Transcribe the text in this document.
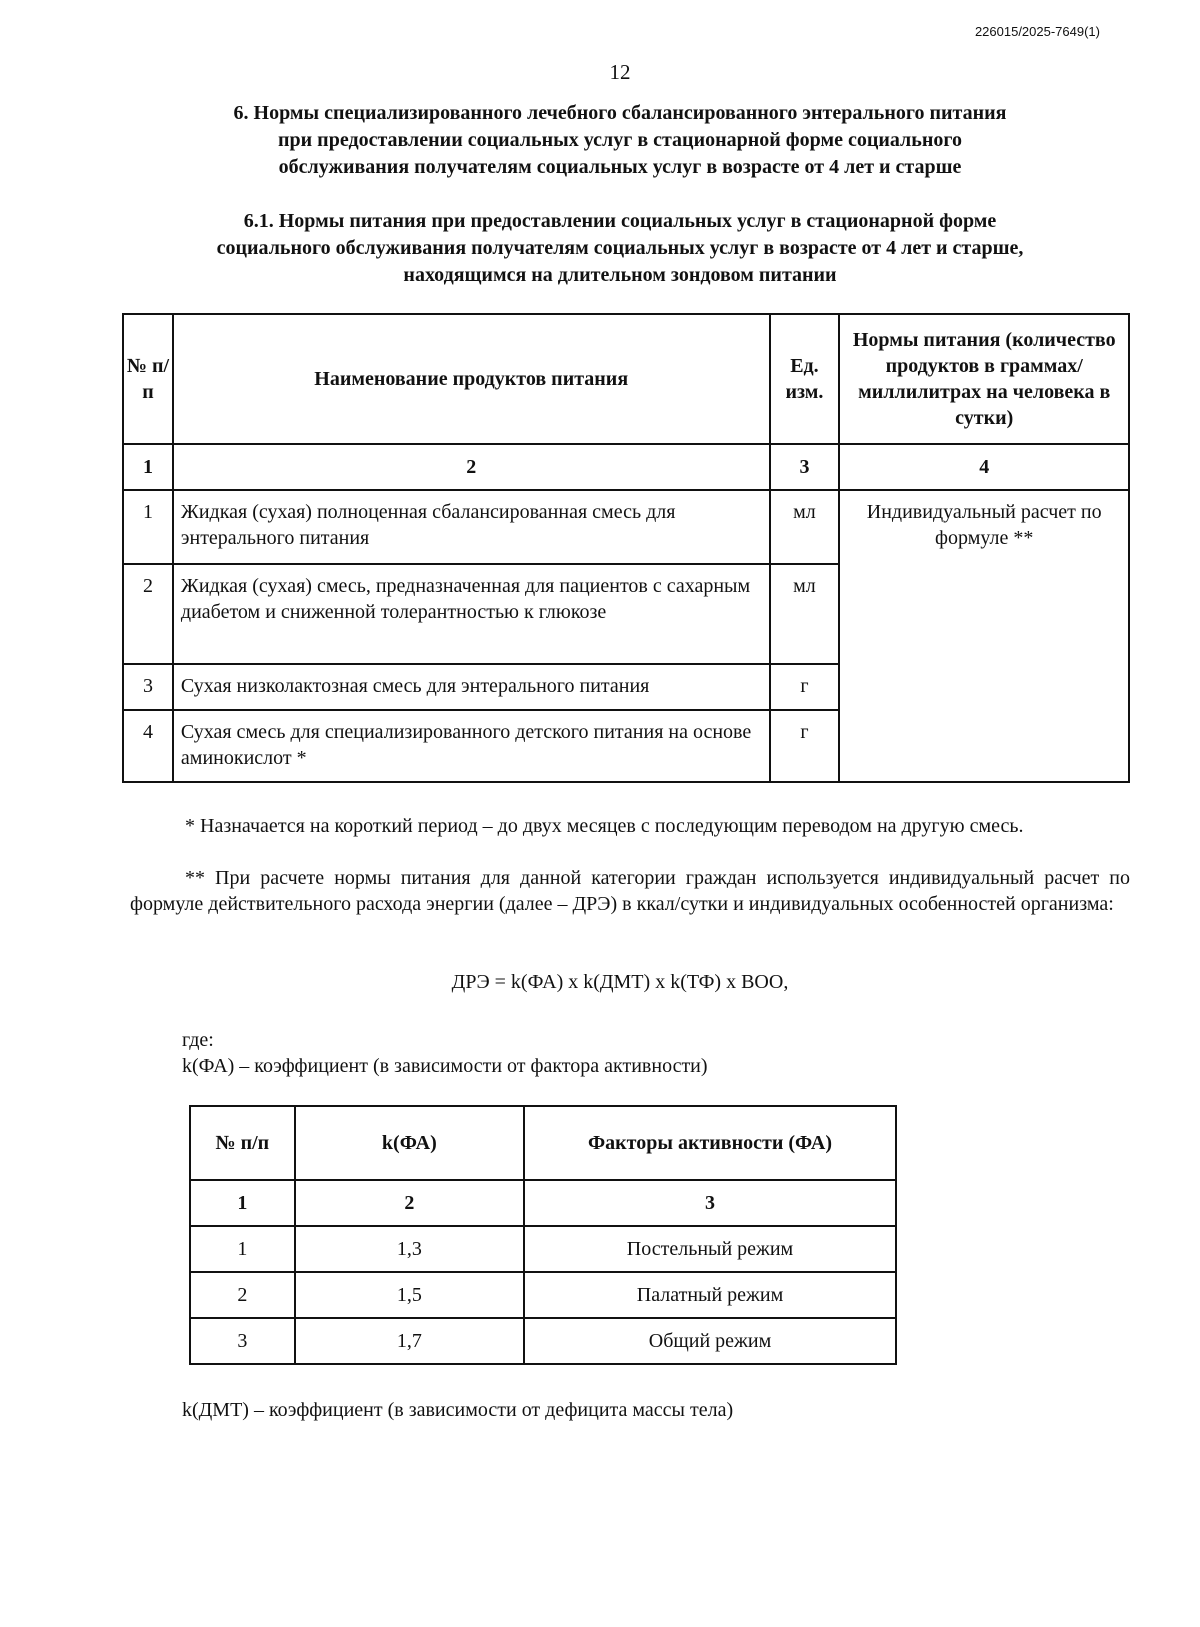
226015/2025-7649(1)
12
6. Нормы специализированного лечебного сбалансированного энтерального питания
при предоставлении социальных услуг в стационарной форме социального
обслуживания получателям социальных услуг в возрасте от 4 лет и старше
6.1. Нормы питания при предоставлении социальных услуг в стационарной форме
социального обслуживания получателям социальных услуг в возрасте от 4 лет и старше,
находящимся на длительном зондовом питании
№ п/п	Наименование продуктов питания	Ед. изм.	Нормы питания (количество продуктов в граммах/миллилитрах на человека в сутки)
1	2	3	4
1	Жидкая (сухая) полноценная сбалансированная смесь для энтерального питания	мл	Индивидуальный расчет по формуле **
2	Жидкая (сухая) смесь, предназначенная для пациентов с сахарным диабетом и сниженной толерантностью к глюкозе	мл	
3	Сухая низколактозная смесь для энтерального питания	г	
4	Сухая смесь для специализированного детского питания на основе аминокислот *	г	
* Назначается на короткий период – до двух месяцев с последующим переводом на другую смесь.
** При расчете нормы питания для данной категории граждан используется индивидуальный расчет по формуле действительного расхода энергии (далее – ДРЭ) в ккал/сутки и индивидуальных особенностей организма:
ДРЭ = k(ФА) х k(ДМТ) х k(ТФ) х ВОО,
где:
k(ФА) – коэффициент (в зависимости от фактора активности)
№ п/п	k(ФА)	Факторы активности (ФА)
1	2	3
1	1,3	Постельный режим
2	1,5	Палатный режим
3	1,7	Общий режим
k(ДМТ) – коэффициент (в зависимости от дефицита массы тела)
